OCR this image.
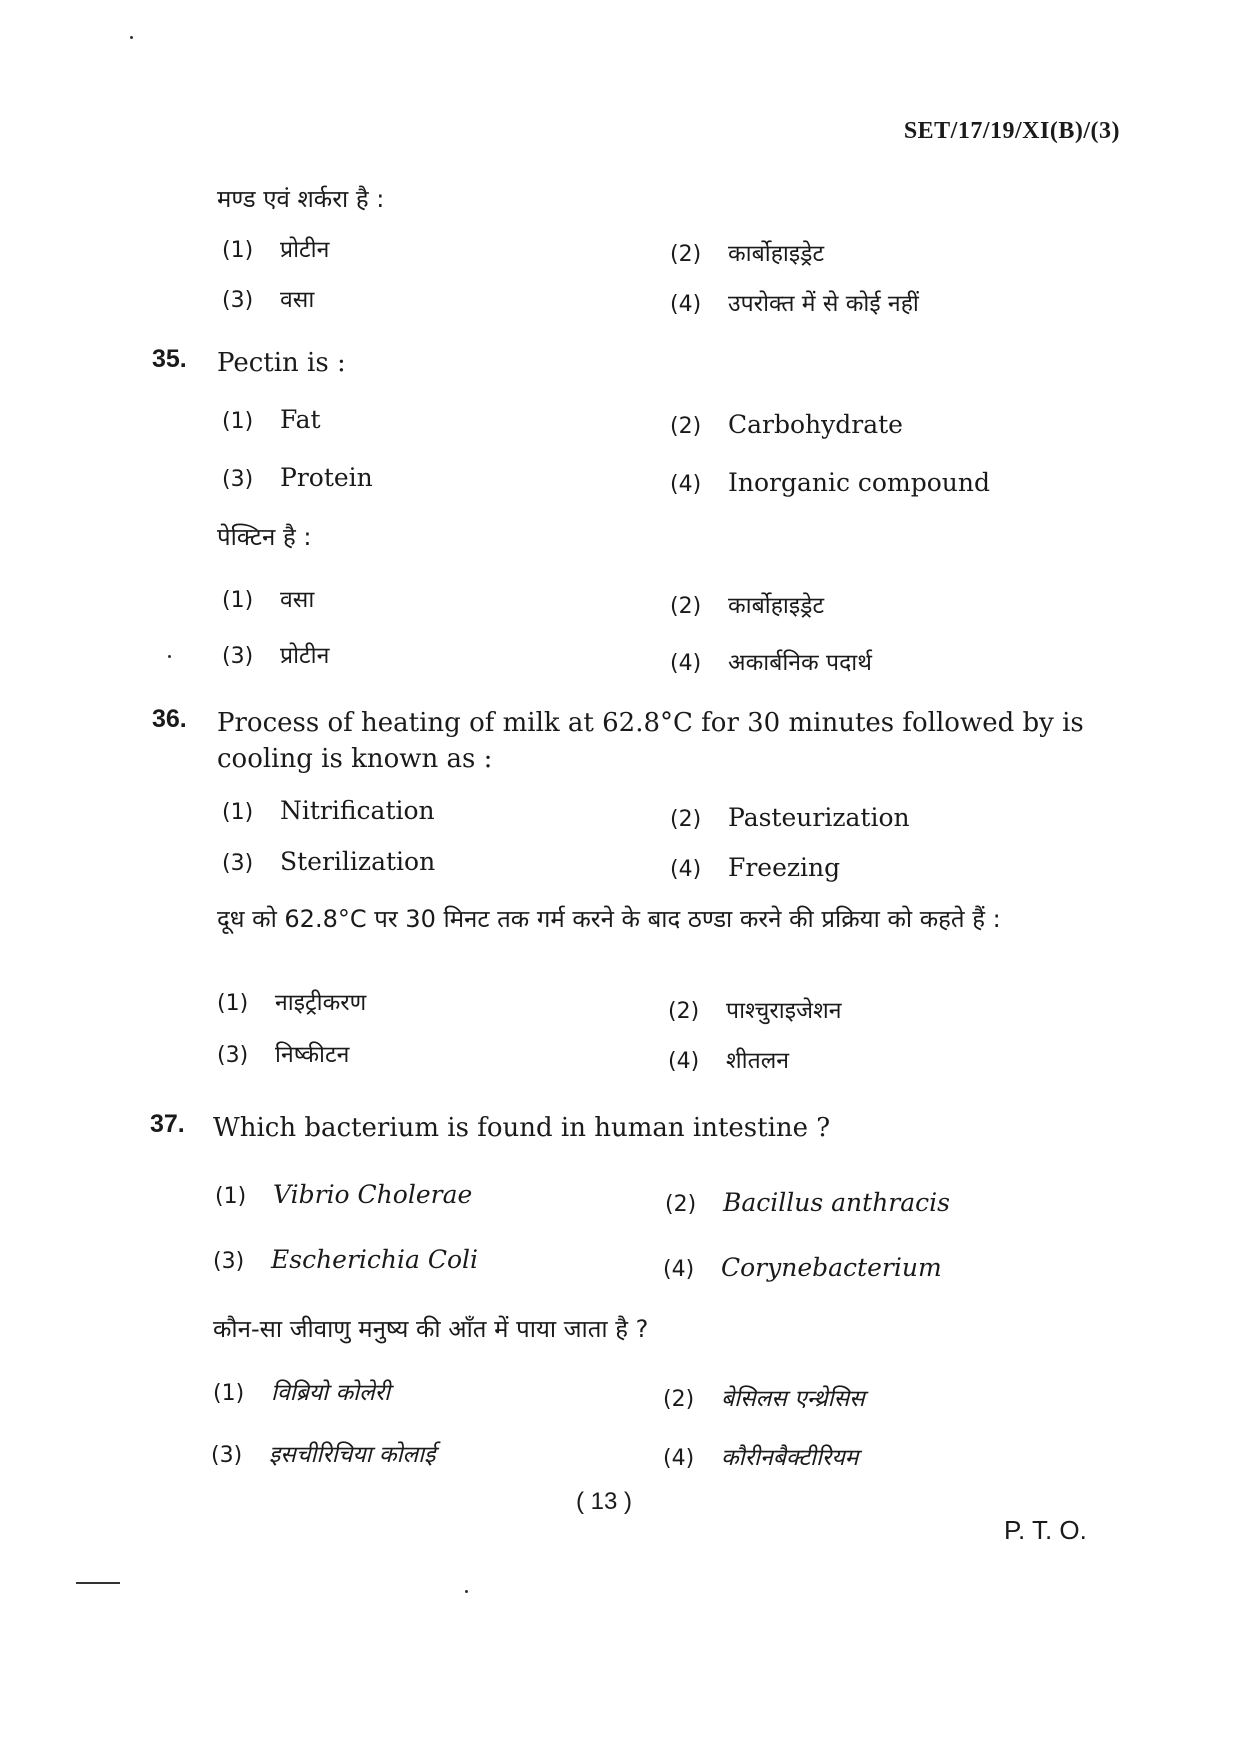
SET/17/19/XI(B)/(3)
मण्ड एवं शर्करा है :
(1) प्रोटीन	(2) कार्बोहाइड्रेट
(3) वसा	(4) उपरोक्त में से कोई नहीं
35. Pectin is :
(1) Fat	(2) Carbohydrate
(3) Protein	(4) Inorganic compound
पेक्टिन है :
(1) वसा	(2) कार्बोहाइड्रेट
(3) प्रोटीन	(4) अकार्बनिक पदार्थ
36. Process of heating of milk at 62.8°C for 30 minutes followed by is cooling is known as :
(1) Nitrification	(2) Pasteurization
(3) Sterilization	(4) Freezing
दूध को 62.8°C पर 30 मिनट तक गर्म करने के बाद ठण्डा करने की प्रक्रिया को कहते हैं :
(1) नाइट्रीकरण	(2) पाश्चुराइजेशन
(3) निष्कीटन	(4) शीतलन
37. Which bacterium is found in human intestine ?
(1) Vibrio Cholerae	(2) Bacillus anthracis
(3) Escherichia Coli	(4) Corynebacterium
कौन-सा जीवाणु मनुष्य की आँत में पाया जाता है ?
(1) विब्रियो कोलेरी	(2) बेसिलस एन्थ्रेसिस
(3) इसचीरिचिया कोलाई	(4) कौरीनबैक्टीरियम
( 13 )
P. T. O.
